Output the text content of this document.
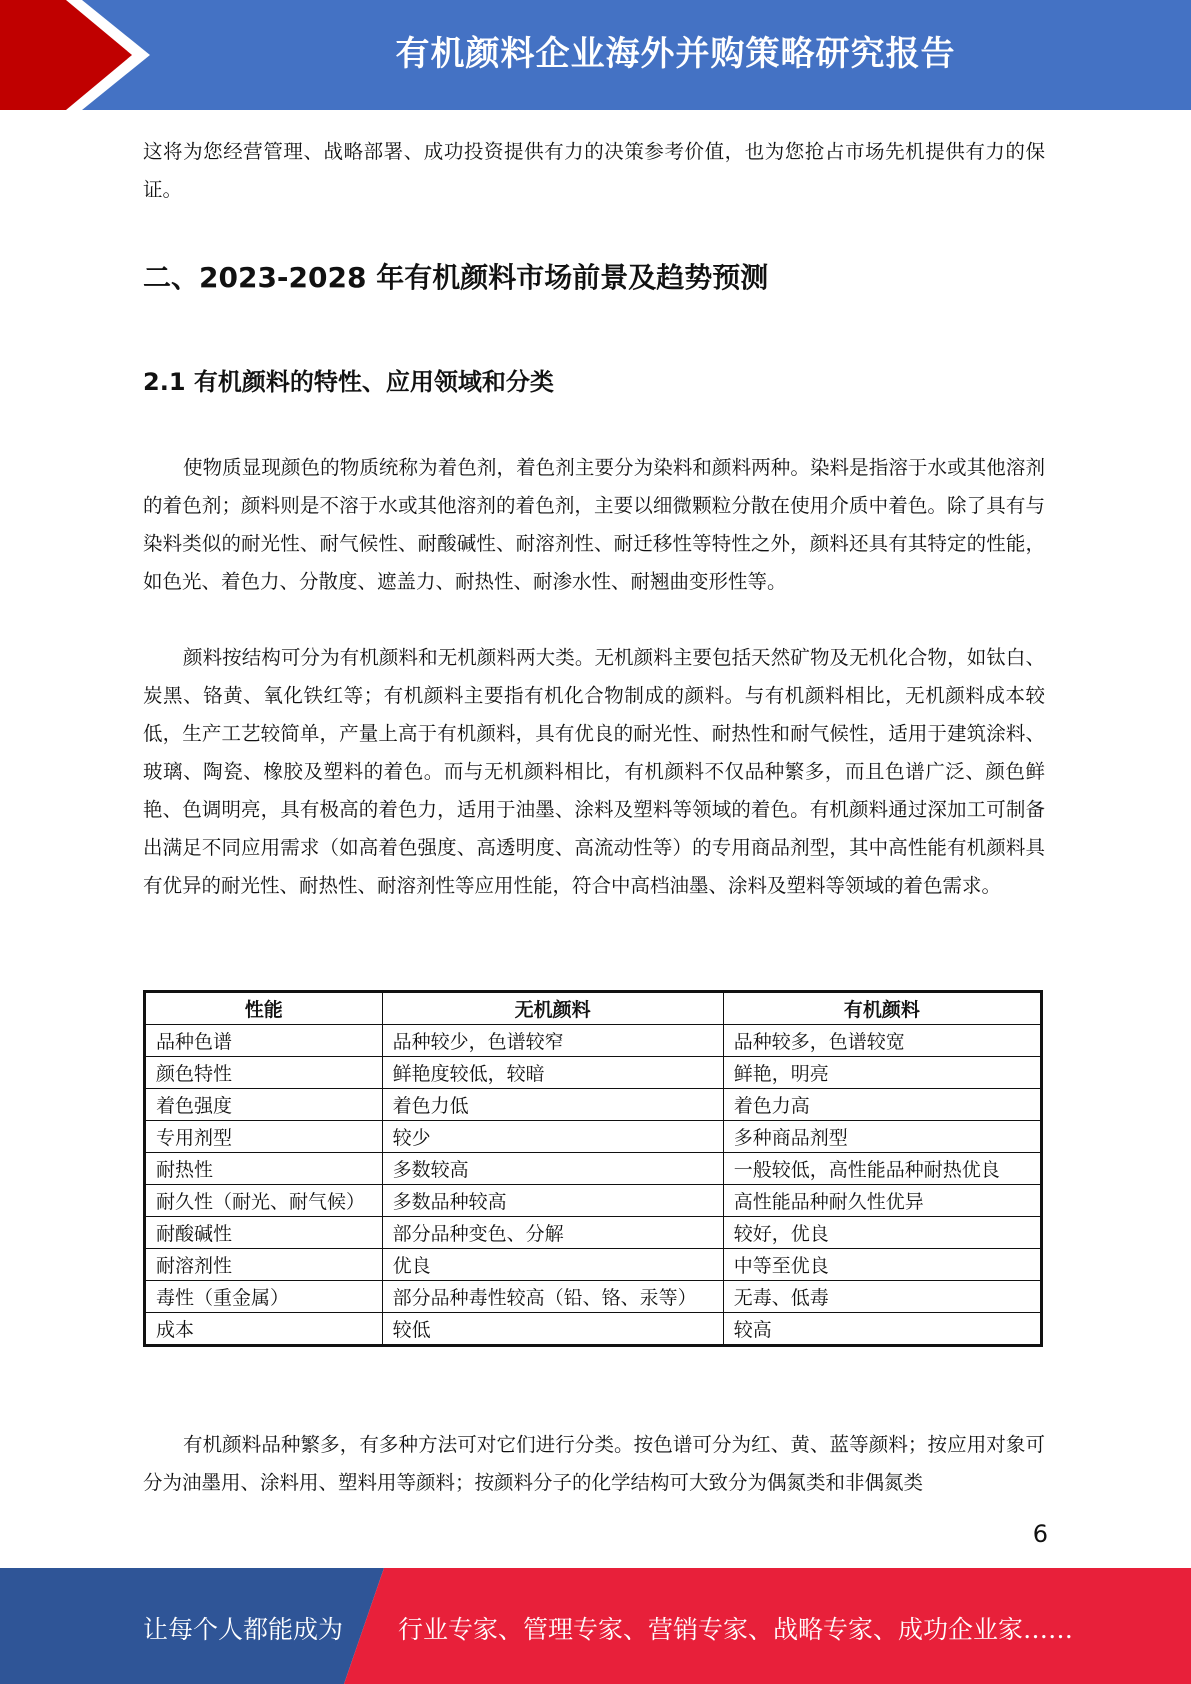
有机颜料企业海外并购策略研究报告

这将为您经营管理、战略部署、成功投资提供有力的决策参考价值，也为您抢占市场先机提供有力的保证。

二、2023-2028 年有机颜料市场前景及趋势预测
2.1 有机颜料的特性、应用领域和分类

使物质显现颜色的物质统称为着色剂，着色剂主要分为染料和颜料两种。染料是指溶于水或其他溶剂的着色剂；颜料则是不溶于水或其他溶剂的着色剂，主要以细微颗粒分散在使用介质中着色。除了具有与染料类似的耐光性、耐气候性、耐酸碱性、耐溶剂性、耐迁移性等特性之外，颜料还具有其特定的性能，如色光、着色力、分散度、遮盖力、耐热性、耐渗水性、耐翘曲变形性等。

颜料按结构可分为有机颜料和无机颜料两大类。无机颜料主要包括天然矿物及无机化合物，如钛白、炭黑、铬黄、氧化铁红等；有机颜料主要指有机化合物制成的颜料。与有机颜料相比，无机颜料成本较低，生产工艺较简单，产量上高于有机颜料，具有优良的耐光性、耐热性和耐气候性，适用于建筑涂料、玻璃、陶瓷、橡胶及塑料的着色。而与无机颜料相比，有机颜料不仅品种繁多，而且色谱广泛、颜色鲜艳、色调明亮，具有极高的着色力，适用于油墨、涂料及塑料等领域的着色。有机颜料通过深加工可制备出满足不同应用需求（如高着色强度、高透明度、高流动性等）的专用商品剂型，其中高性能有机颜料具有优异的耐光性、耐热性、耐溶剂性等应用性能，符合中高档油墨、涂料及塑料等领域的着色需求。

性能	无机颜料	有机颜料
品种色谱	品种较少，色谱较窄	品种较多，色谱较宽
颜色特性	鲜艳度较低，较暗	鲜艳，明亮
着色强度	着色力低	着色力高
专用剂型	较少	多种商品剂型
耐热性	多数较高	一般较低，高性能品种耐热优良
耐久性（耐光、耐气候）	多数品种较高	高性能品种耐久性优异
耐酸碱性	部分品种变色、分解	较好，优良
耐溶剂性	优良	中等至优良
毒性（重金属）	部分品种毒性较高（铅、铬、汞等）	无毒、低毒
成本	较低	较高

有机颜料品种繁多，有多种方法可对它们进行分类。按色谱可分为红、黄、蓝等颜料；按应用对象可分为油墨用、涂料用、塑料用等颜料；按颜料分子的化学结构可大致分为偶氮类和非偶氮类

6
让每个人都能成为 行业专家、管理专家、营销专家、战略专家、成功企业家……
